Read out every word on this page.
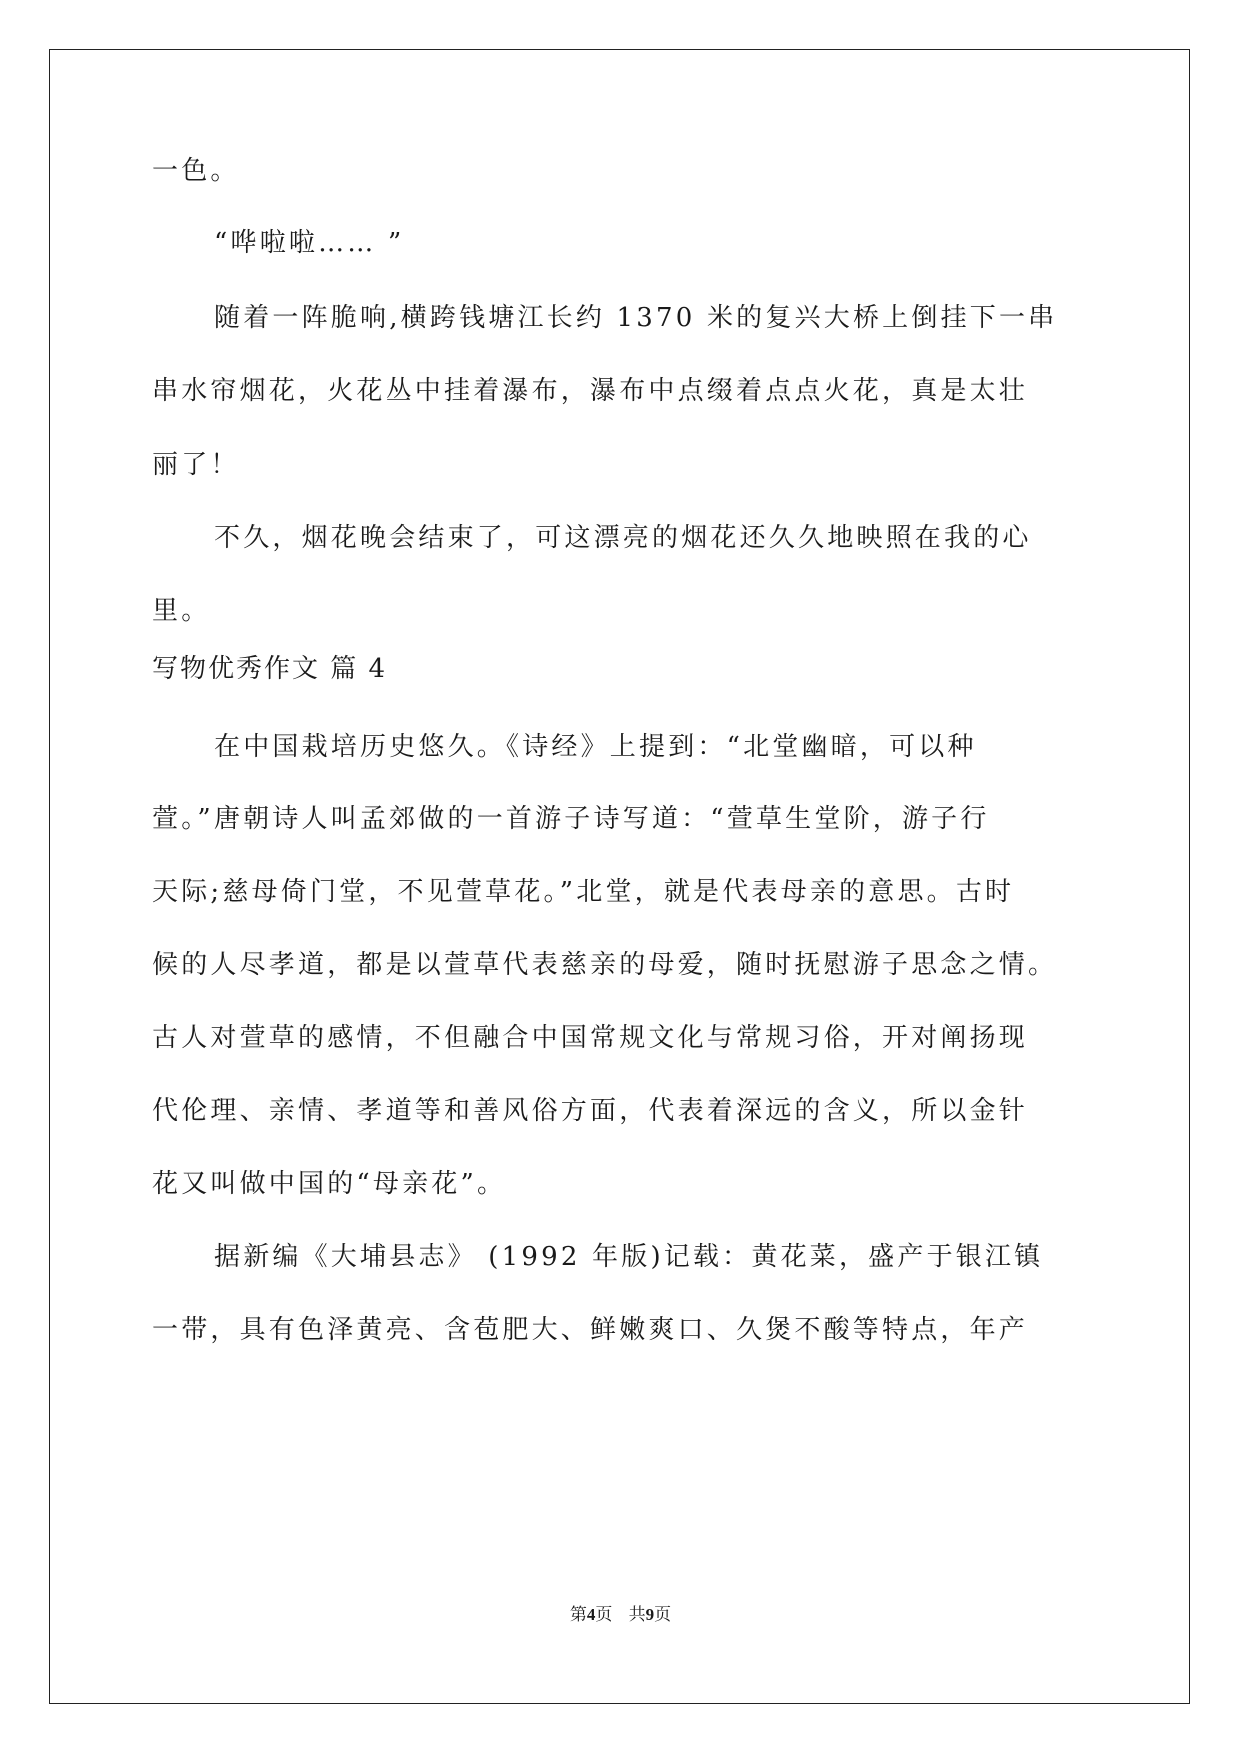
一色。
“哗啦啦…… ”
随着一阵脆响,横跨钱塘江长约 1370 米的复兴大桥上倒挂下一串
串水帘烟花，火花丛中挂着瀑布，瀑布中点缀着点点火花，真是太壮
丽了！
不久，烟花晚会结束了，可这漂亮的烟花还久久地映照在我的心
里。
写物优秀作文 篇 4
在中国栽培历史悠久。《诗经》上提到：“北堂幽暗，可以种
萱。”唐朝诗人叫孟郊做的一首游子诗写道：“萱草生堂阶，游子行
天际;慈母倚门堂，不见萱草花。”北堂，就是代表母亲的意思。古时
候的人尽孝道，都是以萱草代表慈亲的母爱，随时抚慰游子思念之情。
古人对萱草的感情，不但融合中国常规文化与常规习俗，开对阐扬现
代伦理、亲情、孝道等和善风俗方面，代表着深远的含义，所以金针
花又叫做中国的“母亲花”。
据新编《大埔县志》 (1992 年版)记载：黄花菜，盛产于银江镇
一带，具有色泽黄亮、含苞肥大、鲜嫩爽口、久煲不酸等特点，年产
第4页 共9页
